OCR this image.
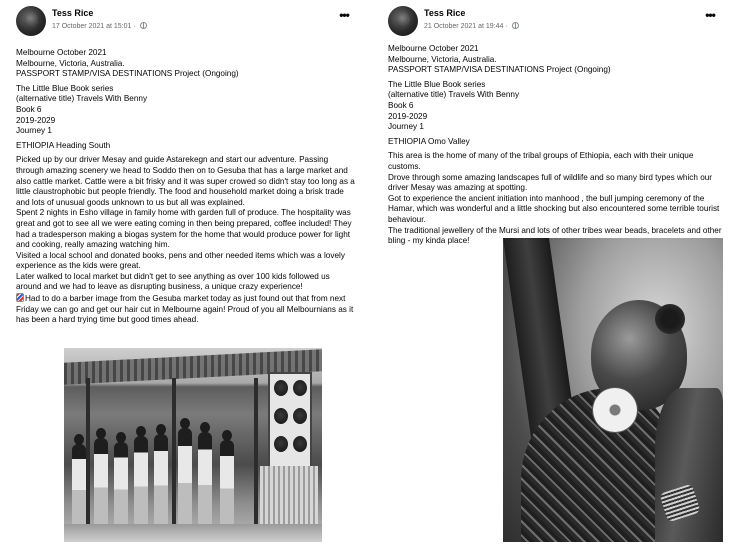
Tess Rice
17 October 2021 at 15:01 ·
•••

Melbourne October 2021

Melbourne, Victoria, Australia.

PASSPORT STAMP/VISA DESTINATIONS Project (Ongoing)

The Little Blue Book series

(alternative title) Travels With Benny

Book 6

2019-2029

Journey 1

ETHIOPIA Heading South

Picked up by our driver Mesay and guide Astarekegn and start our adventure. Passing through amazing scenery we head to Soddo then on to Gesuba that has a large market and also cattle market. Cattle were a bit frisky and it was super crowed so didn't stay too long as a little claustrophobic but people friendly. The food and household market doing a brisk trade and lots of unusual goods unknown to us but all was explained.

Spent 2 nights in Esho village in family home with garden full of produce. The hospitality was great and got to see all we were eating coming in then being prepared, coffee included! They had a tradesperson making a biogas system for the home that would produce power for light and cooking, really amazing watching him.

Visited a local school and donated books, pens and other needed items which was a lovely experience as the kids were great.

Later walked to local market but didn't get to see anything as over 100 kids followed us around and we had to leave as disrupting business, a unique crazy experience!

Had to do a barber image from the Gesuba market today as just found out that from next Friday we can go and get our hair cut in Melbourne again! Proud of you all Melbournians as it has been a hard trying time but good times ahead.

Tess Rice
21 October 2021 at 19:44 ·
•••

Melbourne October 2021

Melbourne, Victoria, Australia.

PASSPORT STAMP/VISA DESTINATIONS Project (Ongoing)

The Little Blue Book series

(alternative title) Travels With Benny

Book 6

2019-2029

Journey 1

ETHIOPIA Omo Valley

This area is the home of many of the tribal groups of Ethiopia, each with their unique customs.

Drove through some amazing landscapes full of wildlife and so many bird types which our driver Mesay was amazing at spotting.

Got to experience the ancient initiation into manhood , the bull jumping ceremony of the Hamar, which was wonderful and a little shocking but also encountered some terrible tourist behaviour.

The traditional jewellery of the Mursi and lots of other tribes wear beads, bracelets and other bling - my kinda place!
